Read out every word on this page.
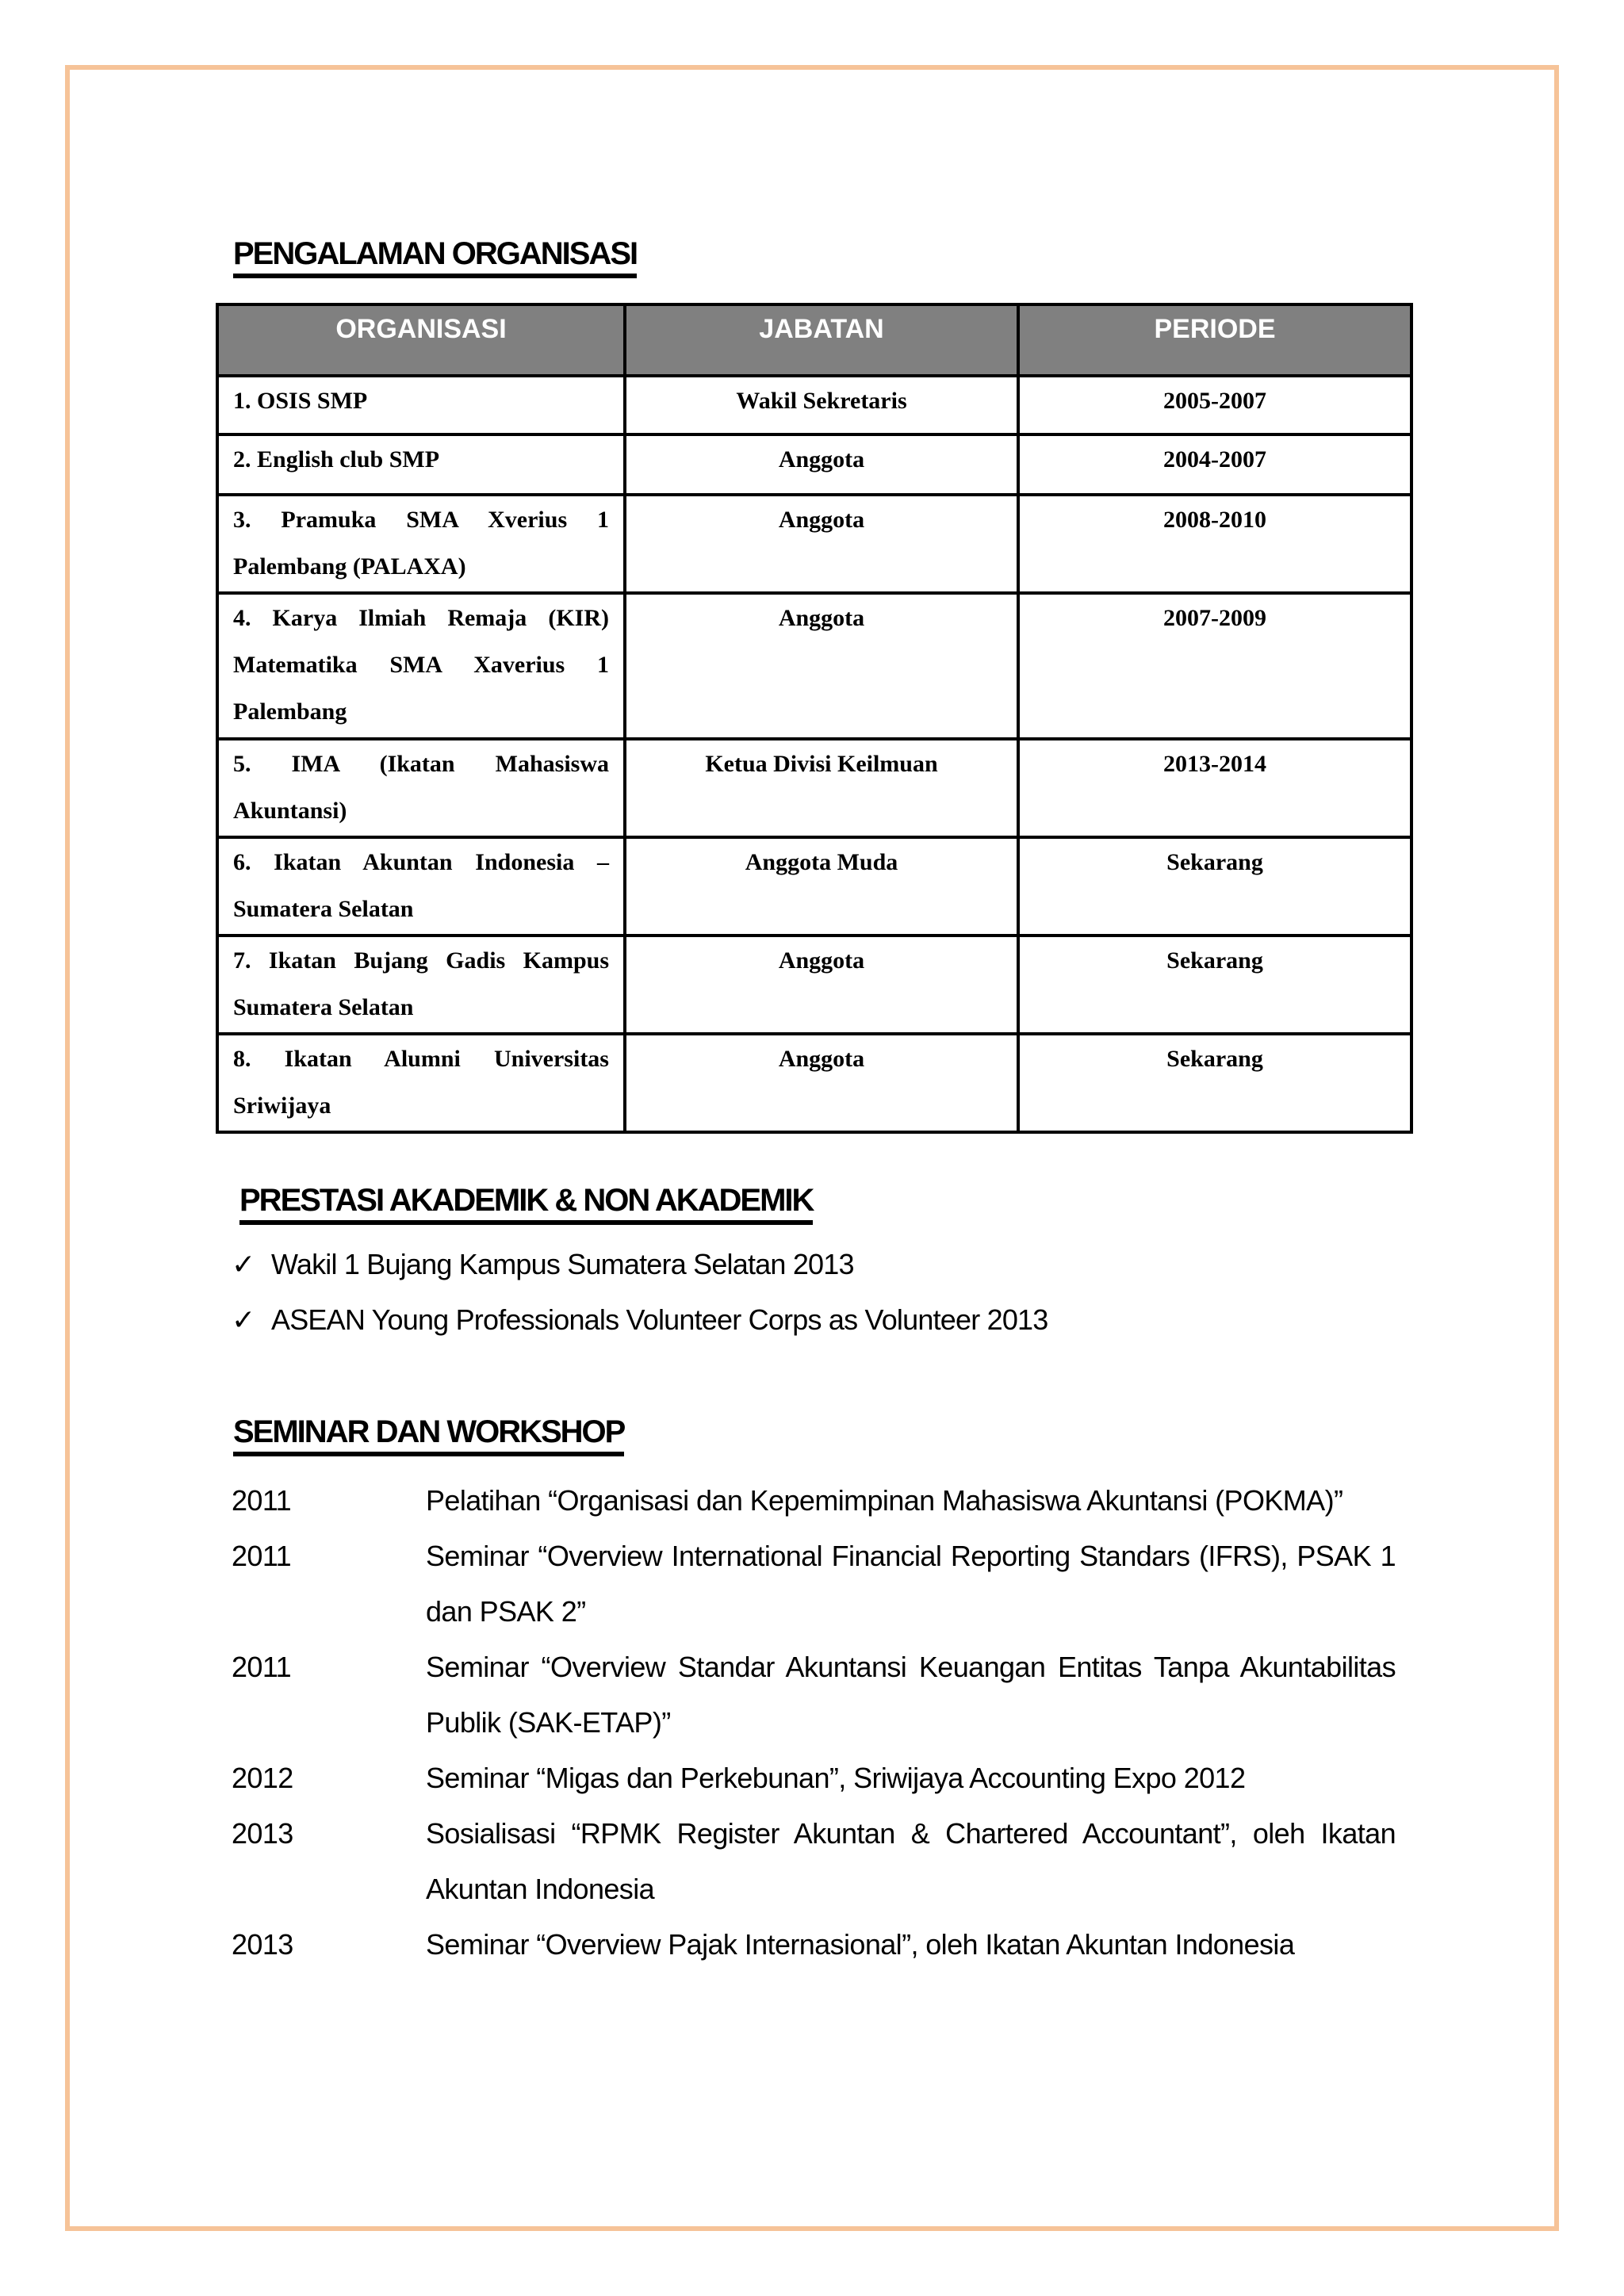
PENGALAMAN ORGANISASI
ORGANISASI	JABATAN	PERIODE
1. OSIS SMP	Wakil Sekretaris	2005-2007
2. English club SMP	Anggota	2004-2007
3. Pramuka SMA Xverius 1 Palembang (PALAXA)	Anggota	2008-2010
4. Karya Ilmiah Remaja (KIR) Matematika SMA Xaverius 1 Palembang	Anggota	2007-2009
5. IMA (Ikatan Mahasiswa Akuntansi)	Ketua Divisi Keilmuan	2013-2014
6. Ikatan Akuntan Indonesia – Sumatera Selatan	Anggota Muda	Sekarang
7. Ikatan Bujang Gadis Kampus Sumatera Selatan	Anggota	Sekarang
8. Ikatan Alumni Universitas Sriwijaya	Anggota	Sekarang
PRESTASI AKADEMIK & NON AKADEMIK
✓ Wakil 1 Bujang Kampus Sumatera Selatan 2013
✓ ASEAN Young Professionals Volunteer Corps as Volunteer 2013
SEMINAR DAN WORKSHOP
2011	Pelatihan “Organisasi dan Kepemimpinan Mahasiswa Akuntansi (POKMA)”
2011	Seminar “Overview International Financial Reporting Standars (IFRS), PSAK 1 dan PSAK 2”
2011	Seminar “Overview Standar Akuntansi Keuangan Entitas Tanpa Akuntabilitas Publik (SAK-ETAP)”
2012	Seminar “Migas dan Perkebunan”, Sriwijaya Accounting Expo 2012
2013	Sosialisasi “RPMK Register Akuntan & Chartered Accountant”, oleh Ikatan Akuntan Indonesia
2013	Seminar “Overview Pajak Internasional”, oleh Ikatan Akuntan Indonesia
